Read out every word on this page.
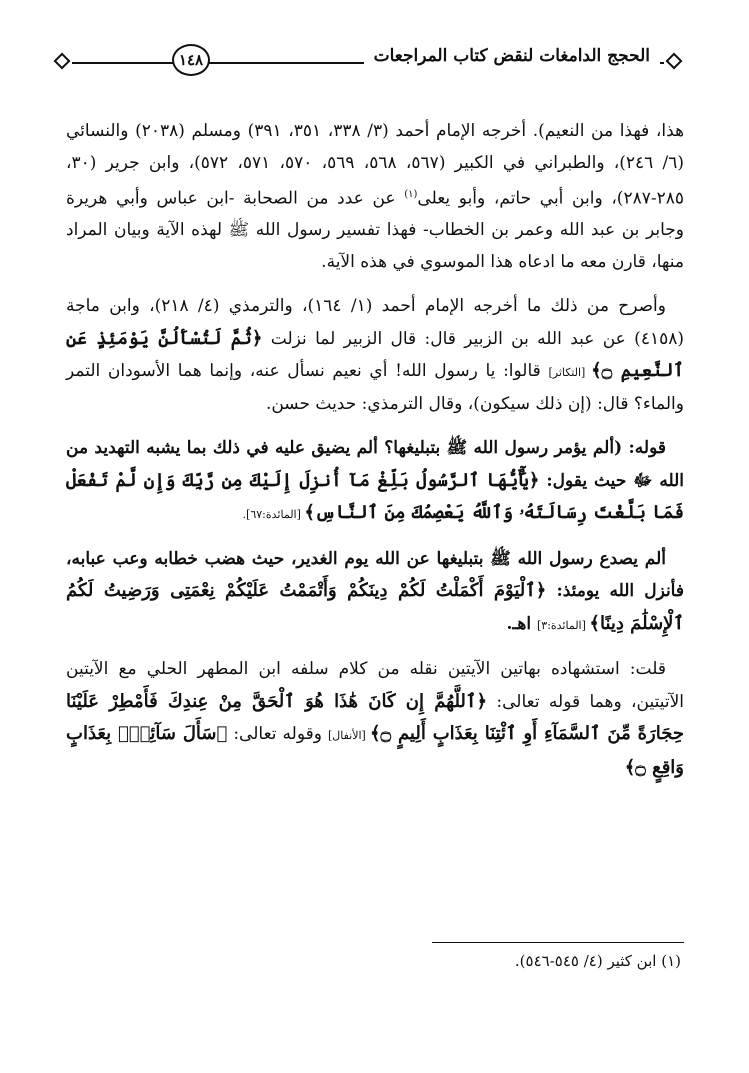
الحجج الدامغات لنقض كتاب المراجعات
١٤٨

هذا، فهذا من النعيم). أخرجه الإمام أحمد (٣/ ٣٣٨، ٣٥١، ٣٩١) ومسلم (٢٠٣٨) والنسائي (٦/ ٢٤٦)، والطبراني في الكبير (٥٦٧، ٥٦٨، ٥٦٩، ٥٧٠، ٥٧١، ٥٧٢)، وابن جرير (٣٠، ٢٨٥-٢٨٧)، وابن أبي حاتم، وأبو يعلى$^{(١)}$ عن عدد من الصحابة -ابن عباس وأبي هريرة وجابر بن عبد الله وعمر بن الخطاب- فهذا تفسير رسول الله ﷺ لهذه الآية وبيان المراد منها، قارن معه ما ادعاه هذا الموسوي في هذه الآية.

وأصرح من ذلك ما أخرجه الإمام أحمد (١/ ١٦٤)، والترمذي (٤/ ٢١٨)، وابن ماجة (٤١٥٨) عن عبد الله بن الزبير قال: قال الزبير لما نزلت ﴿ثُمَّ لَتُسْأَلُنَّ يَوْمَئِذٍ عَنِ ٱلنَّعِيمِ ۝﴾ [التكاثر] قالوا: يا رسول الله! أي نعيم نسأل عنه، وإنما هما الأسودان التمر والماء؟ قال: (إن ذلك سيكون)، وقال الترمذي: حديث حسن.

قوله: (ألم يؤمر رسول الله ﷺ بتبليغها؟ ألم يضيق عليه في ذلك بما يشبه التهديد من الله ﷻ حيث يقول: ﴿يَٰٓأَيُّهَا ٱلرَّسُولُ بَلِّغْ مَآ أُنزِلَ إِلَيْكَ مِن رَّبِّكَ وَإِن لَّمْ تَفْعَلْ فَمَا بَلَّغْتَ رِسَالَتَهُۥ وَٱللَّهُ يَعْصِمُكَ مِنَ ٱلنَّاسِ﴾ [المائدة:٦٧].

ألم يصدع رسول الله ﷺ بتبليغها عن الله يوم الغدير، حيث هضب خطابه وعب عبابه، فأنزل الله يومئذ: ﴿ٱلْيَوْمَ أَكْمَلْتُ لَكُمْ دِينَكُمْ وَأَتْمَمْتُ عَلَيْكُمْ نِعْمَتِى وَرَضِيتُ لَكُمُ ٱلْإِسْلَٰمَ دِينًا﴾ [المائدة:٣] اهـ.

قلت: استشهاده بهاتين الآيتين نقله من كلام سلفه ابن المطهر الحلي مع الآيتين الآتيتين، وهما قوله تعالى: ﴿ٱللَّهُمَّ إِن كَانَ هَٰذَا هُوَ ٱلْحَقَّ مِنْ عِندِكَ فَأَمْطِرْ عَلَيْنَا حِجَارَةً مِّنَ ٱلسَّمَآءِ أَوِ ٱئْتِنَا بِعَذَابٍ أَلِيمٍ ۝﴾ [الأنفال] وقوله تعالى: ﴿سَأَلَ سَآئِلٌۢ بِعَذَابٍ وَاقِعٍ ۝﴾

(١) ابن كثير (٤/ ٥٤٥-٥٤٦).
